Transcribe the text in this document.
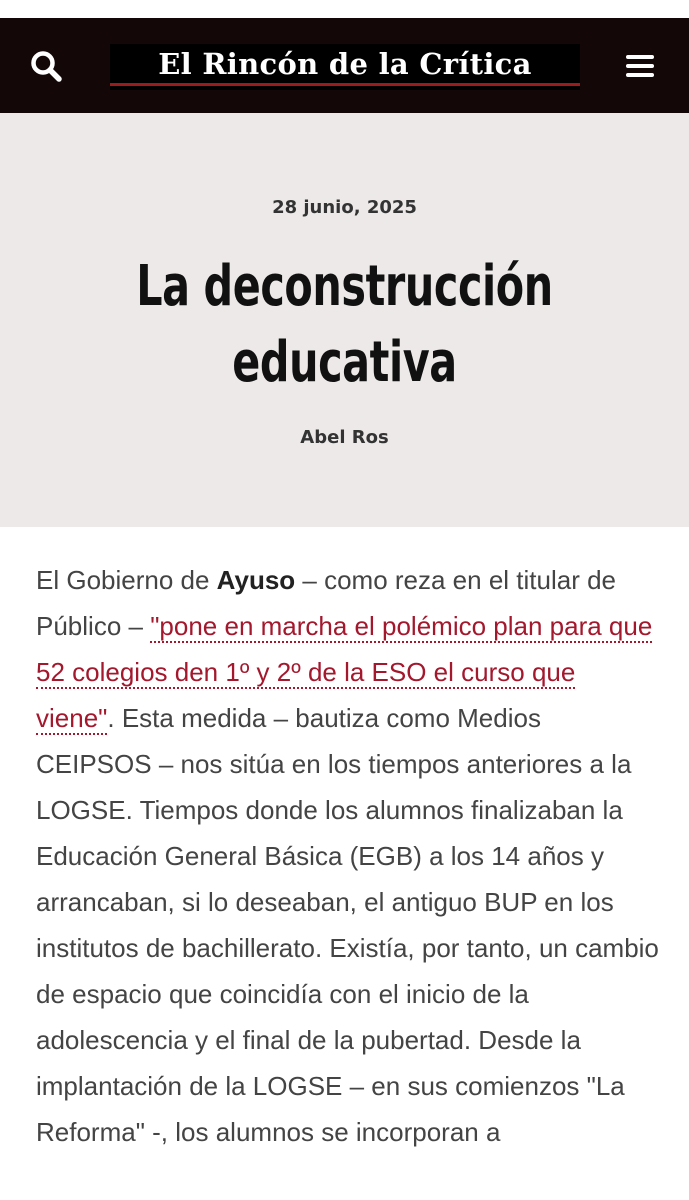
El Rincón de la Crítica
28 junio, 2025
La deconstrucción
educativa
Abel Ros

El Gobierno de Ayuso – como reza en el titular de Público – "pone en marcha el polémico plan para que 52 colegios den 1º y 2º de la ESO el curso que viene". Esta medida – bautiza como Medios CEIPSOS – nos sitúa en los tiempos anteriores a la LOGSE. Tiempos donde los alumnos finalizaban la Educación General Básica (EGB) a los 14 años y arrancaban, si lo deseaban, el antiguo BUP en los institutos de bachillerato. Existía, por tanto, un cambio de espacio que coincidía con el inicio de la adolescencia y el final de la pubertad. Desde la implantación de la LOGSE – en sus comienzos "La Reforma" -, los alumnos se incorporan a
